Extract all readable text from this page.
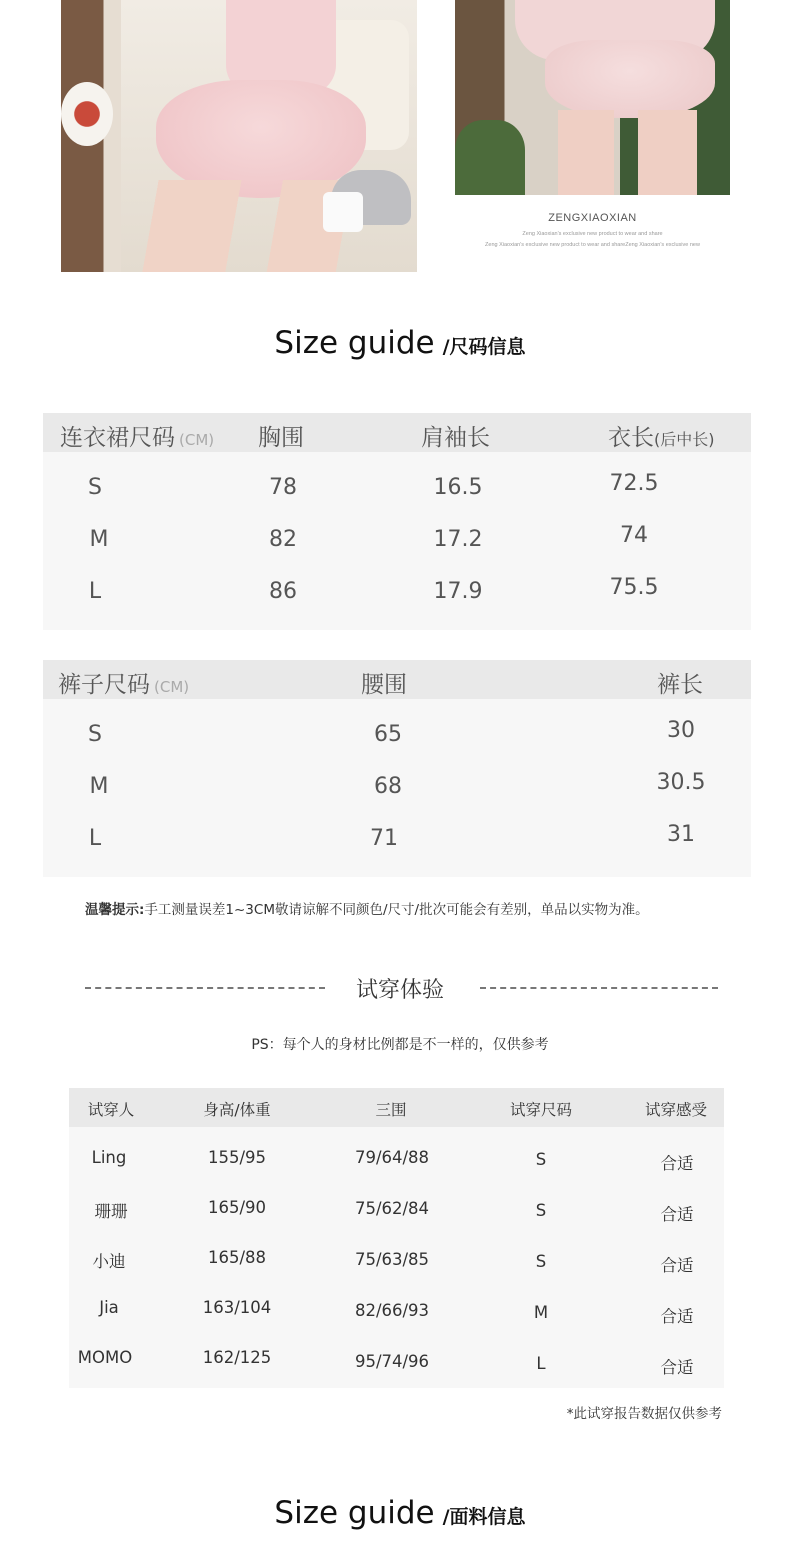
ZENGXIAOXIAN
Zeng Xiaoxian's exclusive new product to wear and share
Zeng Xiaoxian's exclusive new product to wear and shareZeng Xiaoxian's exclusive new
Size guide /尺码信息
连衣裙尺码 (CM) 胸围	肩袖长	衣长(后中长)
S	78	16.5	72.5
M	82	17.2	74
L	86	17.9	75.5
裤子尺码 (CM)	腰围	裤长
S	65	30
M	68	30.5
L	71	31
温馨提示:手工测量误差1~3CM敬请谅解不同颜色/尺寸/批次可能会有差别，单品以实物为准。
试穿体验
PS：每个人的身材比例都是不一样的，仅供参考
试穿人	身高/体重	三围	试穿尺码	试穿感受
Ling	155/95	79/64/88	S	合适
珊珊	165/90	75/62/84	S	合适
小迪	165/88	75/63/85	S	合适
Jia	163/104	82/66/93	M	合适
MOMO	162/125	95/74/96	L	合适
*此试穿报告数据仅供参考
Size guide /面料信息
